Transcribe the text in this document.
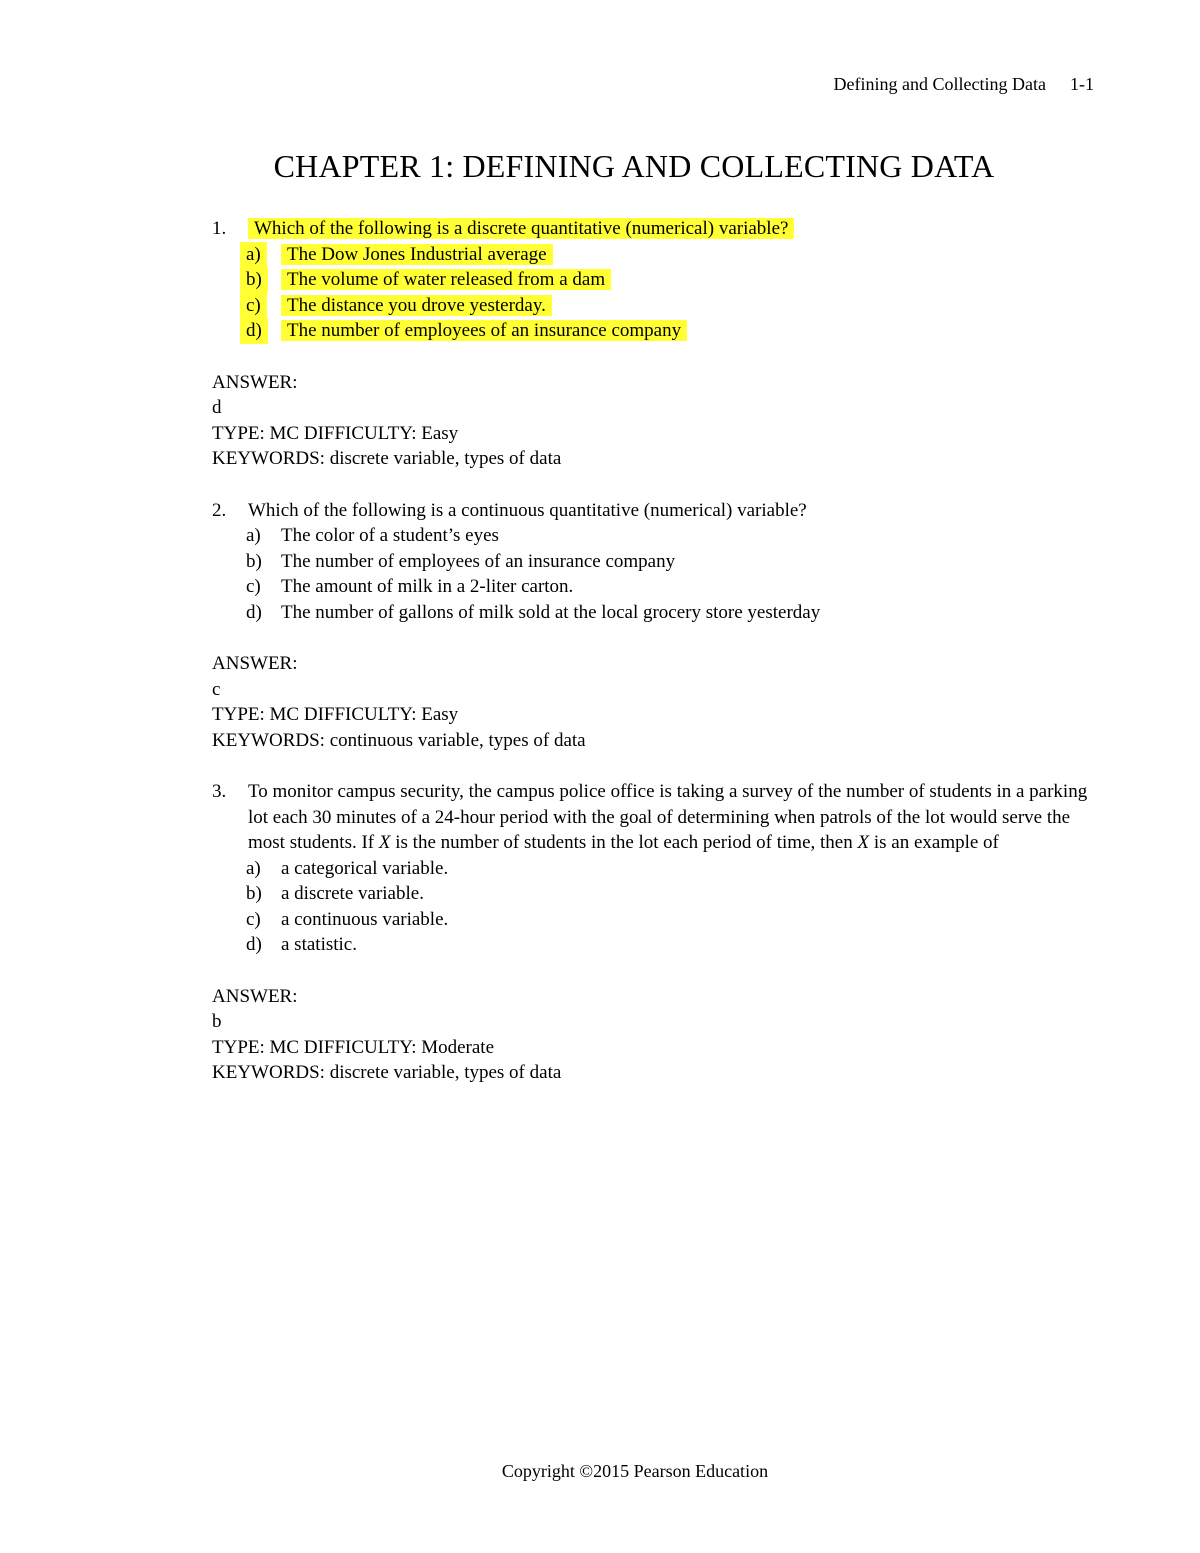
Defining and Collecting Data 1-1
CHAPTER 1: DEFINING AND COLLECTING DATA
1.	Which of the following is a discrete quantitative (numerical) variable?
a)	The Dow Jones Industrial average
b)	The volume of water released from a dam
c)	The distance you drove yesterday.
d)	The number of employees of an insurance company
ANSWER:
d
TYPE: MC DIFFICULTY: Easy
KEYWORDS: discrete variable, types of data
2. Which of the following is a continuous quantitative (numerical) variable?
a) The color of a student’s eyes
b) The number of employees of an insurance company
c) The amount of milk in a 2-liter carton.
d) The number of gallons of milk sold at the local grocery store yesterday
ANSWER:
c
TYPE: MC DIFFICULTY: Easy
KEYWORDS: continuous variable, types of data
3. To monitor campus security, the campus police office is taking a survey of the number of students in a parking lot each 30 minutes of a 24-hour period with the goal of determining when patrols of the lot would serve the most students. If X is the number of students in the lot each period of time, then X is an example of
a) a categorical variable.
b) a discrete variable.
c) a continuous variable.
d) a statistic.
ANSWER:
b
TYPE: MC DIFFICULTY: Moderate
KEYWORDS: discrete variable, types of data
Copyright ©2015 Pearson Education
